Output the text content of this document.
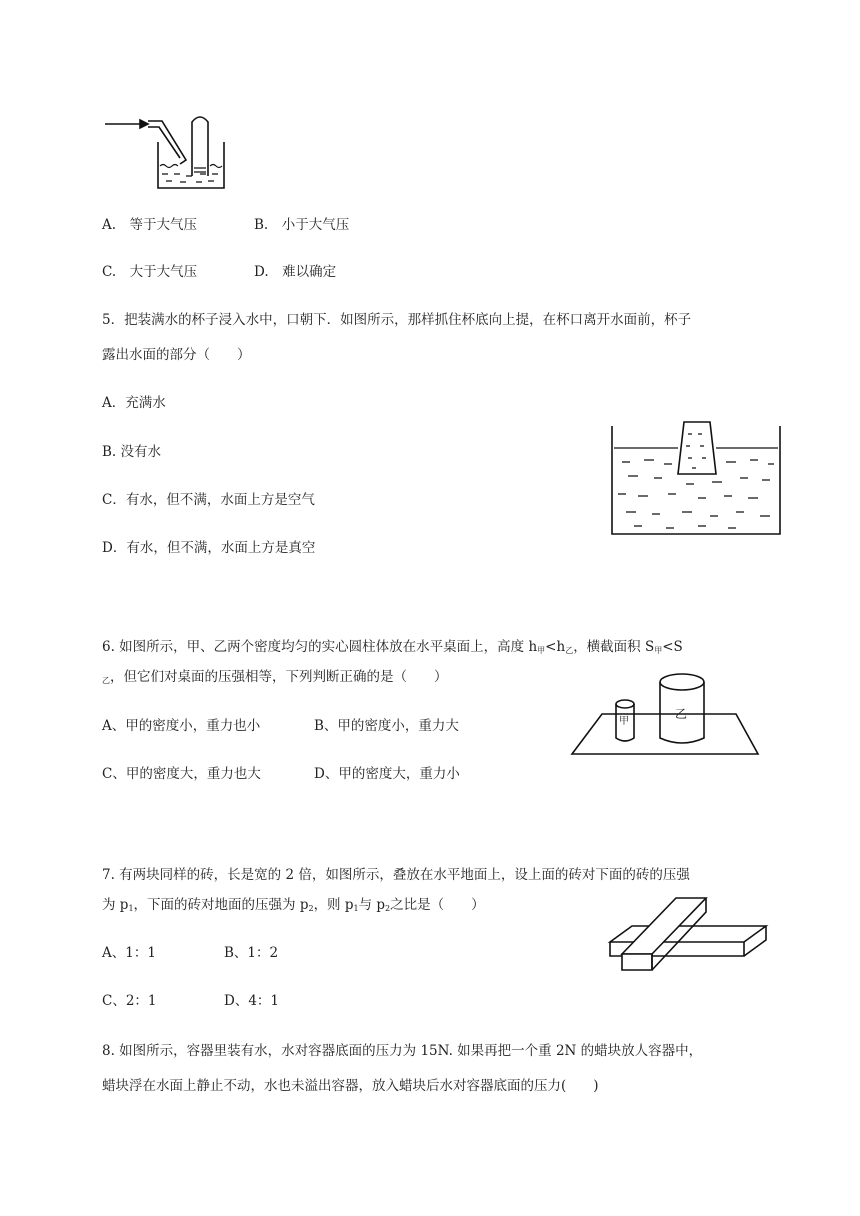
A.　等于大气压	B.　小于大气压
C.　大于大气压	D.　难以确定
5．把装满水的杯子浸入水中，口朝下．如图所示，那样抓住杯底向上提，在杯口离开水面前，杯子
露出水面的部分（　　）
A．充满水
B. 没有水
C．有水，但不满，水面上方是空气
D．有水，但不满，水面上方是真空
6. 如图所示，甲、乙两个密度均匀的实心圆柱体放在水平桌面上，高度 $h_甲<h_乙$，横截面积 $S_甲<S$
$_乙$，但它们对桌面的压强相等，下列判断正确的是（　　）
A、甲的密度小，重力也小	B、甲的密度小，重力大
C、甲的密度大，重力也大	D、甲的密度大，重力小
甲
乙
7. 有两块同样的砖，长是宽的 2 倍，如图所示，叠放在水平地面上，设上面的砖对下面的砖的压强
为 $p_1$，下面的砖对地面的压强为 $p_2$，则 $p_1$与 $p_2$之比是（　　）
A、1：1	B、1：2
C、2：1	D、4：1
8. 如图所示，容器里装有水，水对容器底面的压力为 15N. 如果再把一个重 2N 的蜡块放人容器中，
蜡块浮在水面上静止不动，水也未溢出容器，放入蜡块后水对容器底面的压力(　　)
